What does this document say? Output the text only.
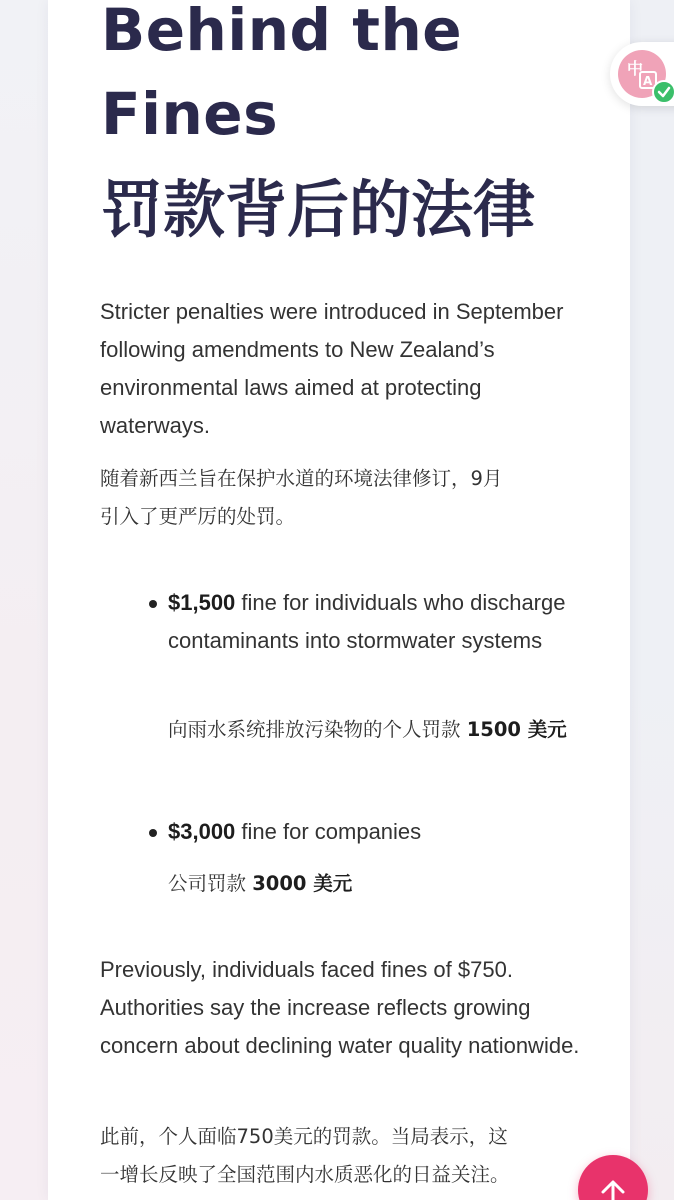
Behind the
Fines
罚款背后的法律

Stricter penalties were introduced in September following amendments to New Zealand’s environmental laws aimed at protecting waterways.

随着新西兰旨在保护水道的环境法律修订，9月
引入了更严厉的处罚。

$1,500 fine for individuals who discharge contaminants into stormwater systems

向雨水系统排放污染物的个人罚款 1500 美元

$3,000 fine for companies

公司罚款 3000 美元

Previously, individuals faced fines of $750. Authorities say the increase reflects growing concern about declining water quality nationwide.

此前，个人面临750美元的罚款。当局表示，这
一增长反映了全国范围内水质恶化的日益关注。

中
A
